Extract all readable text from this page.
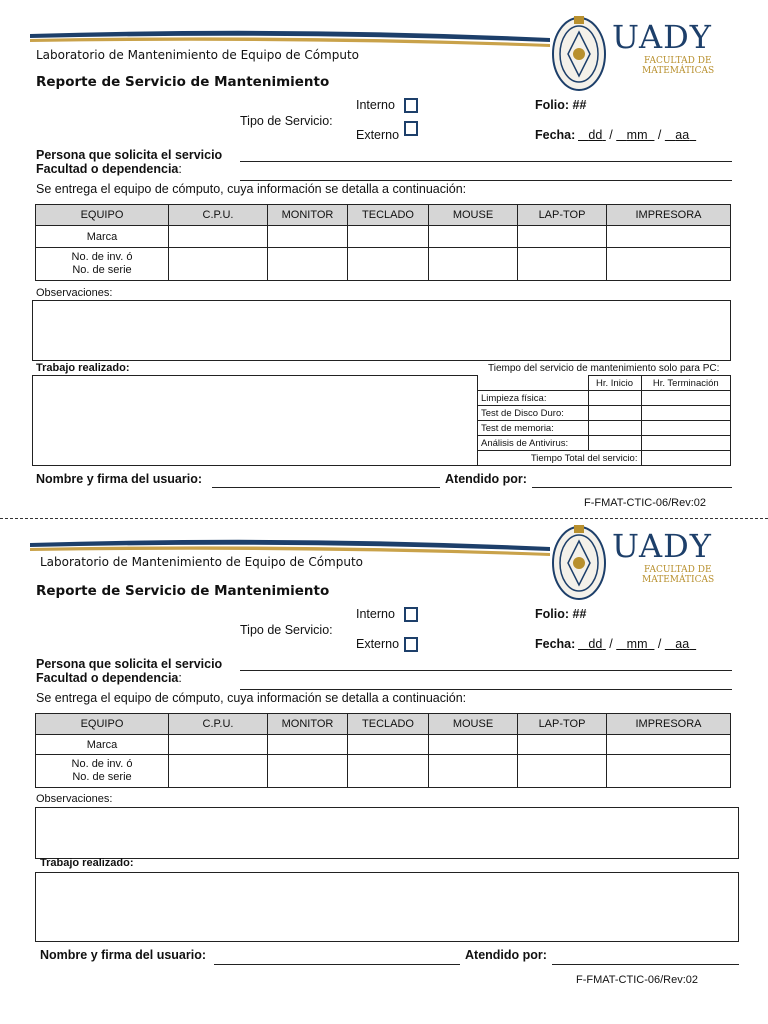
UADY
FACULTAD DE
MATEMÁTICAS
Laboratorio de Mantenimiento de Equipo de Cómputo
Reporte de Servicio de Mantenimiento
Tipo de Servicio:
Interno
Externo
Folio: ##
Fecha:	dd  /    mm   /    aa
Persona que solicita el servicio
Facultad o dependencia:
Se entrega el equipo de cómputo, cuya información se detalla a continuación:
EQUIPO	C.P.U.	MONITOR	TECLADO	MOUSE	LAP-TOP	IMPRESORA
Marca						
No. de inv. ó
No. de serie						
Observaciones:
Trabajo realizado:	Tiempo del servicio de mantenimiento solo para PC:
	Hr. Inicio	Hr. Terminación
Limpieza física:		
Test de Disco Duro:		
Test de memoria:		
Análisis de Antivirus:		
Tiempo Total del servicio:		
Nombre y firma del usuario:	Atendido por:
F-FMAT-CTIC-06/Rev:02
UADY
FACULTAD DE
MATEMÁTICAS
Laboratorio de Mantenimiento de Equipo de Cómputo
Reporte de Servicio de Mantenimiento
Tipo de Servicio:
Interno
Externo
Folio: ##
Fecha:	dd  /    mm   /    aa
Persona que solicita el servicio
Facultad o dependencia:
Se entrega el equipo de cómputo, cuya información se detalla a continuación:
EQUIPO	C.P.U.	MONITOR	TECLADO	MOUSE	LAP-TOP	IMPRESORA
Marca						
No. de inv. ó
No. de serie						
Observaciones:
Trabajo realizado:
Nombre y firma del usuario:	Atendido por:
F-FMAT-CTIC-06/Rev:02
